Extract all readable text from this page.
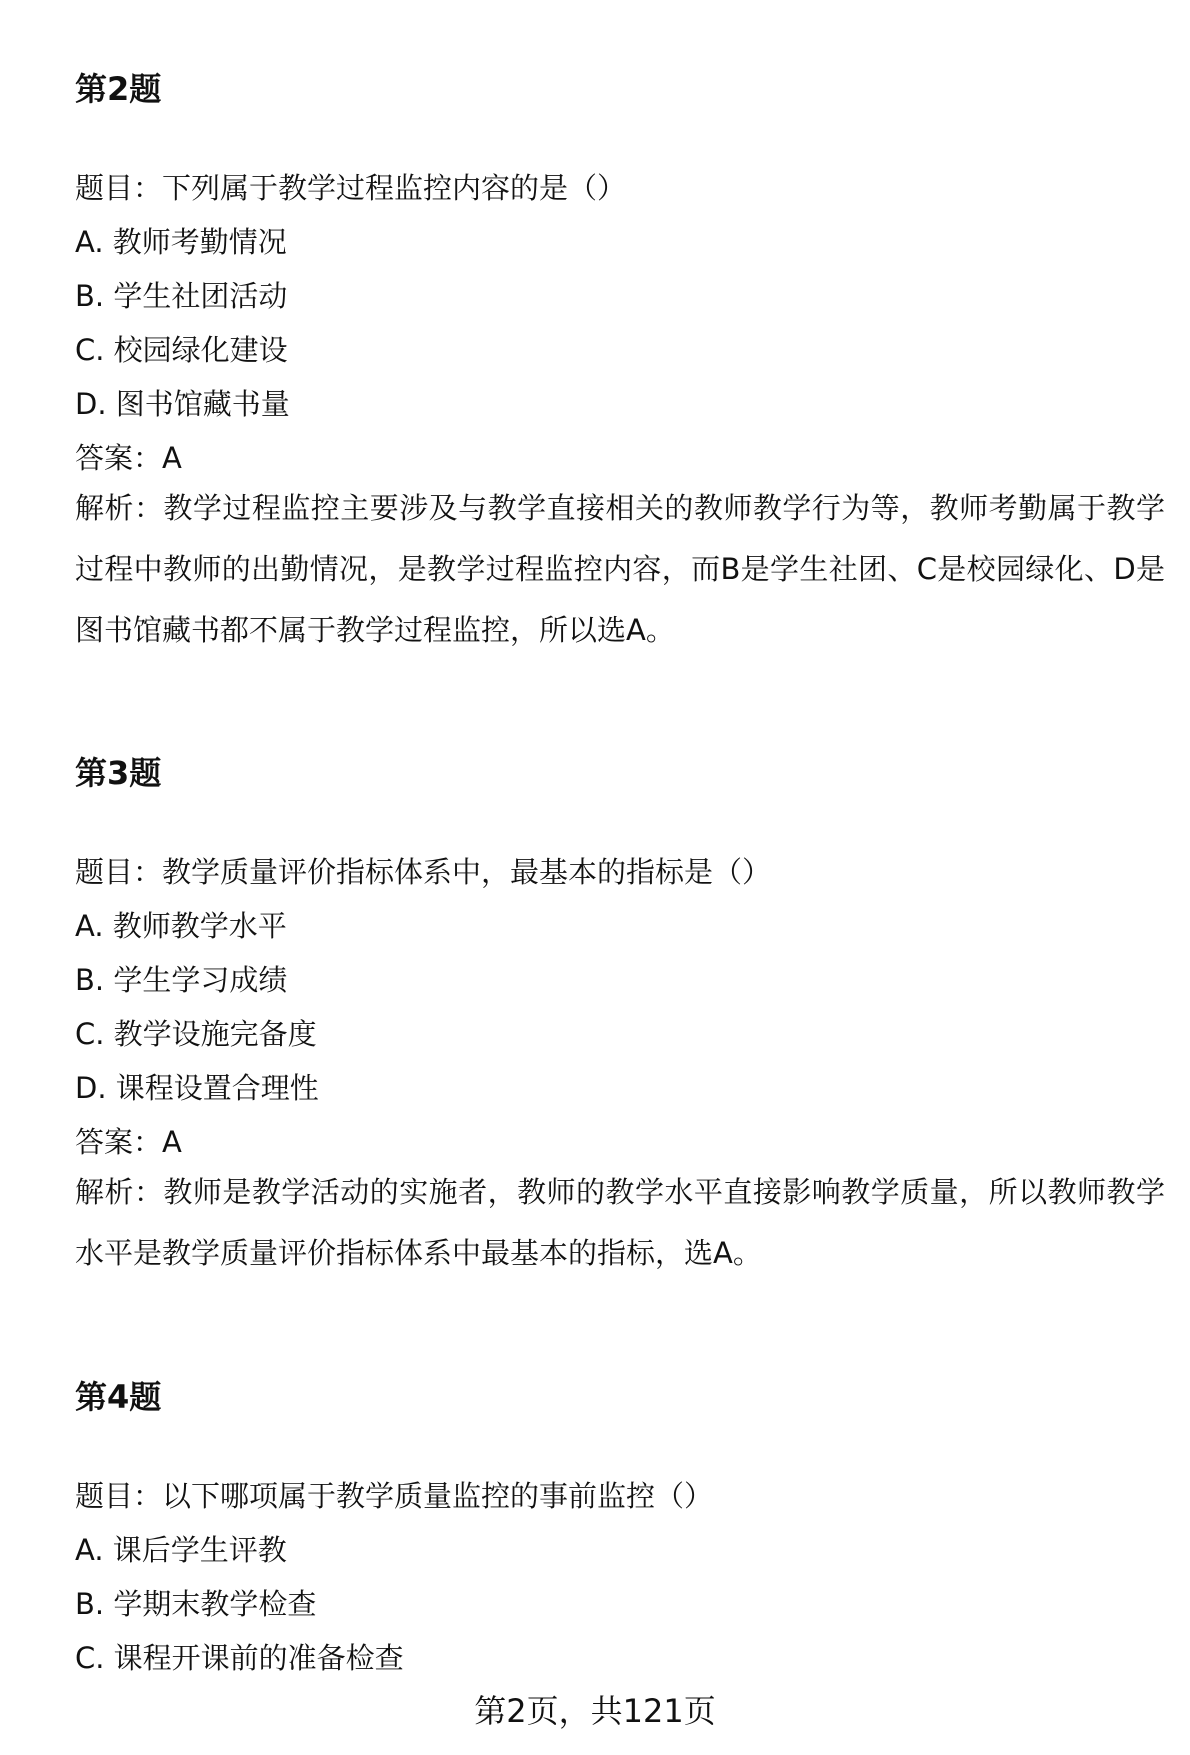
第2题

题目：下列属于教学过程监控内容的是（）

A. 教师考勤情况

B. 学生社团活动

C. 校园绿化建设

D. 图书馆藏书量

答案：A

解析：教学过程监控主要涉及与教学直接相关的教师教学行为等，教师考勤属于教学过程中教师的出勤情况，是教学过程监控内容，而B是学生社团、C是校园绿化、D是图书馆藏书都不属于教学过程监控，所以选A。

第3题

题目：教学质量评价指标体系中，最基本的指标是（）

A. 教师教学水平

B. 学生学习成绩

C. 教学设施完备度

D. 课程设置合理性

答案：A

解析：教师是教学活动的实施者，教师的教学水平直接影响教学质量，所以教师教学水平是教学质量评价指标体系中最基本的指标，选A。

第4题

题目：以下哪项属于教学质量监控的事前监控（）

A. 课后学生评教

B. 学期末教学检查

C. 课程开课前的准备检查

第2页，共121页
